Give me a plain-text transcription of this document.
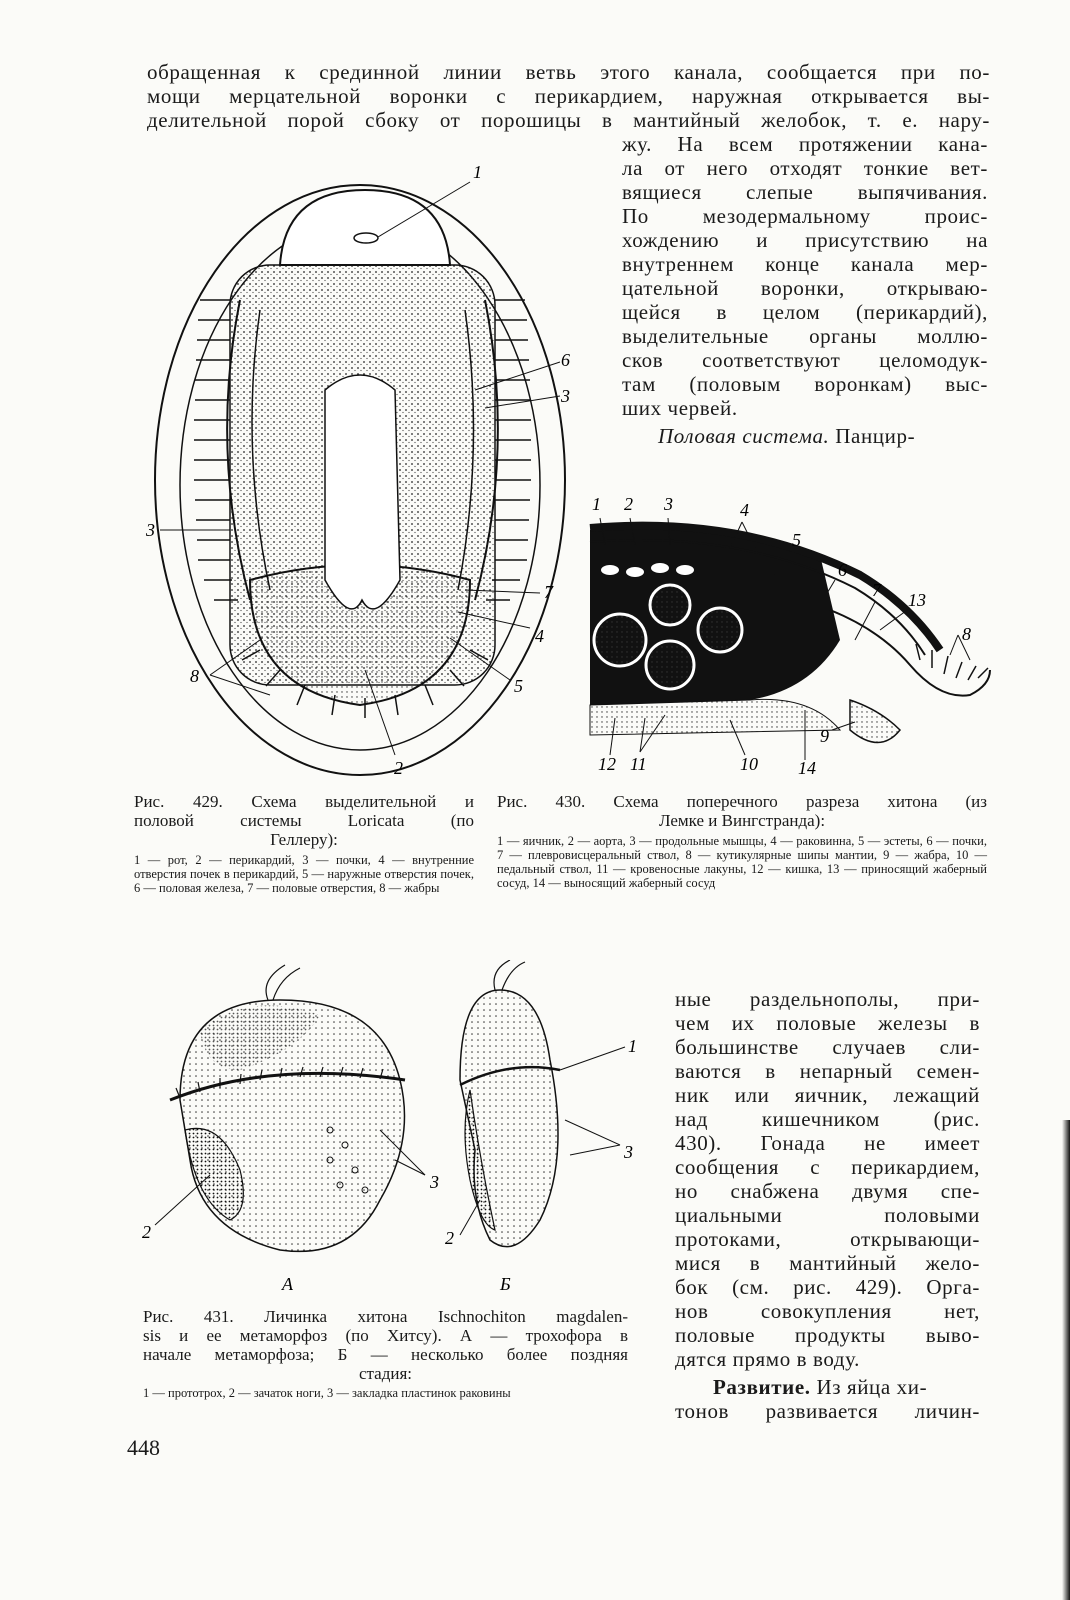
обращенная к срединной линии ветвь этого канала, сообщается при по-
мощи мерцательной воронки с перикардием, наружная открывается вы-
делительной порой сбоку от порошицы в мантийный желобок, т. е. нару-
жу. На всем протяжении кана-
ла от него отходят тонкие вет-
вящиеся слепые выпячивания.
По мезодермальному проис-
хождению и присутствию на
внутреннем конце канала мер-
цательной воронки, открываю-
щейся в целом (перикардий),
выделительные органы моллю-
сков соответствуют целомодук-
там (половым воронкам) выс-
ших червей.
Половая система. Панцир-
1
6
3
3
7
4
5
8
2
1 2 3	4
5
6
7 13
8
9
12 11	10 14
Рис. 429. Схема выделительной и
половой системы Loricata (по
Геллеру):
1 — рот, 2 — перикардий, 3 — почки, 4 — внутренние отверстия почек в перикардий, 5 — наружные отверстия почек, 6 — половая железа, 7 — половые отверстия, 8 — жабры
Рис. 430. Схема поперечного разреза хитона (из
Лемке и Вингстранда):
1 — яичник, 2 — аорта, 3 — продольные мышцы, 4 — раковинна, 5 — эстеты, 6 — почки, 7 — плевровисцеральный ствол, 8 — кутикулярные шипы мантии, 9 — жабра, 10 — педальный ствол, 11 — кровеносные лакуны, 12 — кишка, 13 — приносящий жаберный сосуд, 14 — выносящий жаберный сосуд
2
3
А
1
3
2
Б
Рис. 431. Личинка хитона Ischnochiton magdalen-
sis и ее метаморфоз (по Хитсу). А — трохофора в
начале метаморфоза; Б — несколько более поздняя
стадия:
1 — прототрох, 2 — зачаток ноги, 3 — закладка пластинок раковины
ные раздельнополы, при-
чем их половые железы в
большинстве случаев сли-
ваются в непарный семен-
ник или яичник, лежащий
над кишечником (рис.
430). Гонада не имеет
сообщения с перикардием,
но снабжена двумя спе-
циальными половыми
протоками, открывающи-
мися в мантийный жело-
бок (см. рис. 429). Орга-
нов совокупления нет,
половые продукты выво-
дятся прямо в воду.
Развитие. Из яйца хи-
тонов развивается личин-
448
